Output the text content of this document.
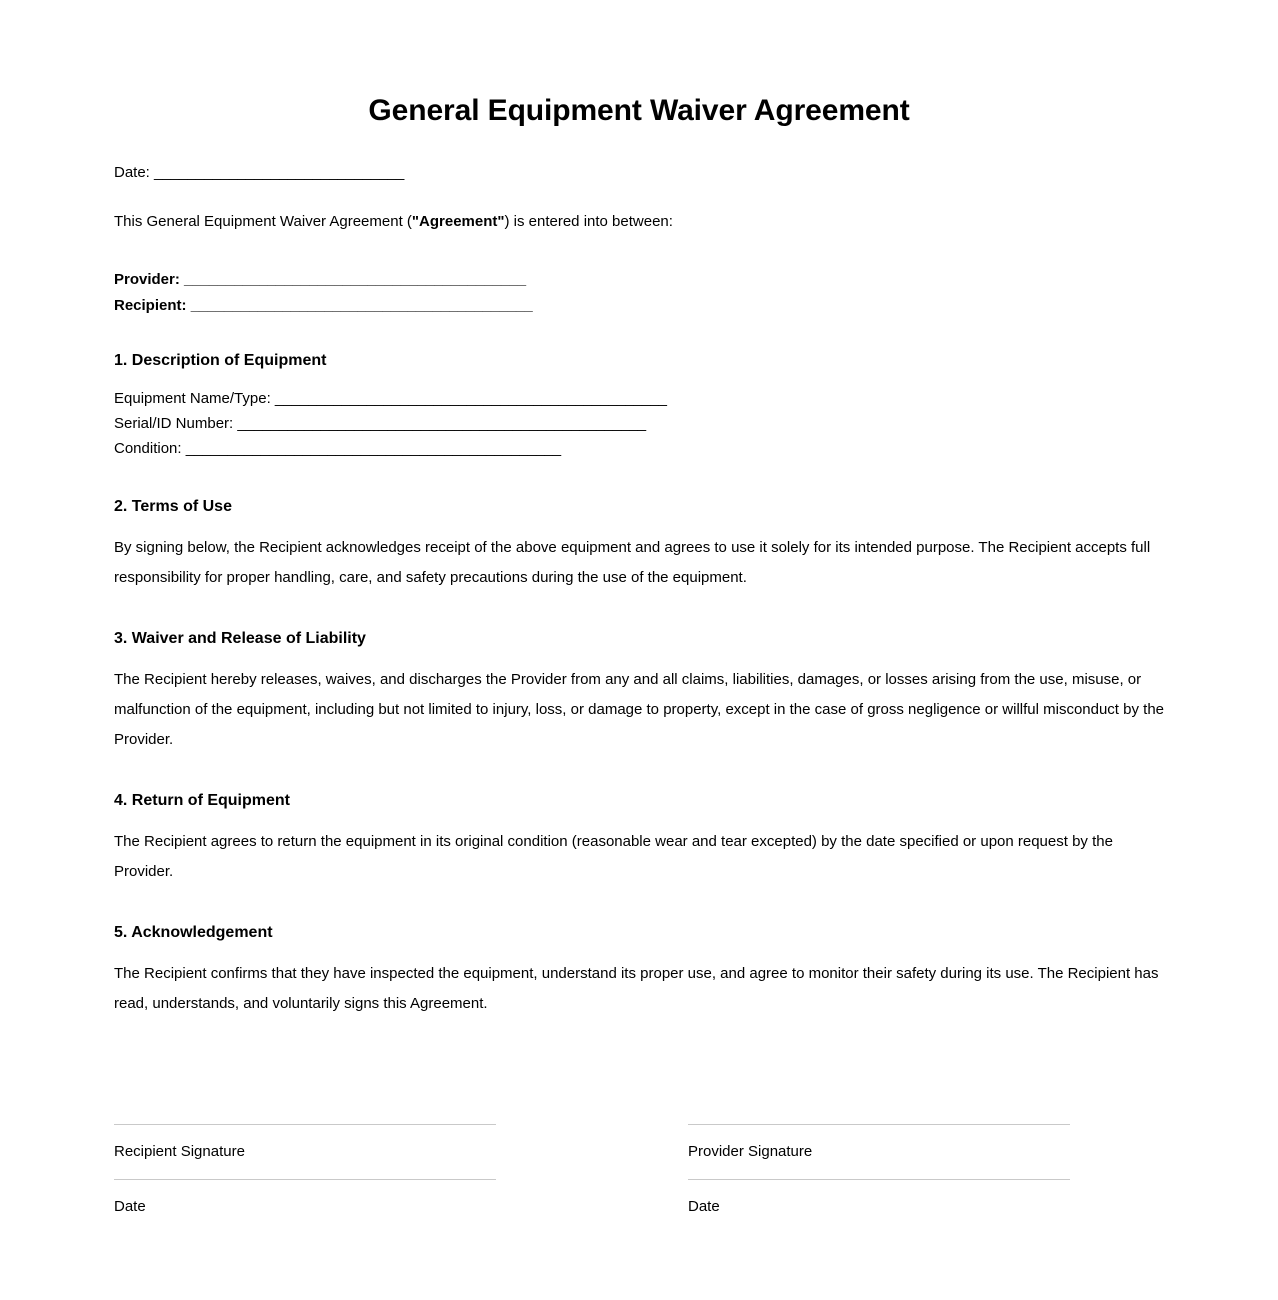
General Equipment Waiver Agreement
Date: ______________________________

This General Equipment Waiver Agreement ("Agreement") is entered into between:

Provider: _________________________________________
Recipient: _________________________________________
1. Description of Equipment
Equipment Name/Type: _______________________________________________
Serial/ID Number: _________________________________________________
Condition: _____________________________________________
2. Terms of Use

By signing below, the Recipient acknowledges receipt of the above equipment and agrees to use it solely for its intended purpose. The Recipient accepts full responsibility for proper handling, care, and safety precautions during the use of the equipment.

3. Waiver and Release of Liability

The Recipient hereby releases, waives, and discharges the Provider from any and all claims, liabilities, damages, or losses arising from the use, misuse, or malfunction of the equipment, including but not limited to injury, loss, or damage to property, except in the case of gross negligence or willful misconduct by the Provider.

4. Return of Equipment

The Recipient agrees to return the equipment in its original condition (reasonable wear and tear excepted) by the date specified or upon request by the Provider.

5. Acknowledgement

The Recipient confirms that they have inspected the equipment, understand its proper use, and agree to monitor their safety during its use. The Recipient has read, understands, and voluntarily signs this Agreement.

Recipient Signature
Date
Provider Signature
Date
